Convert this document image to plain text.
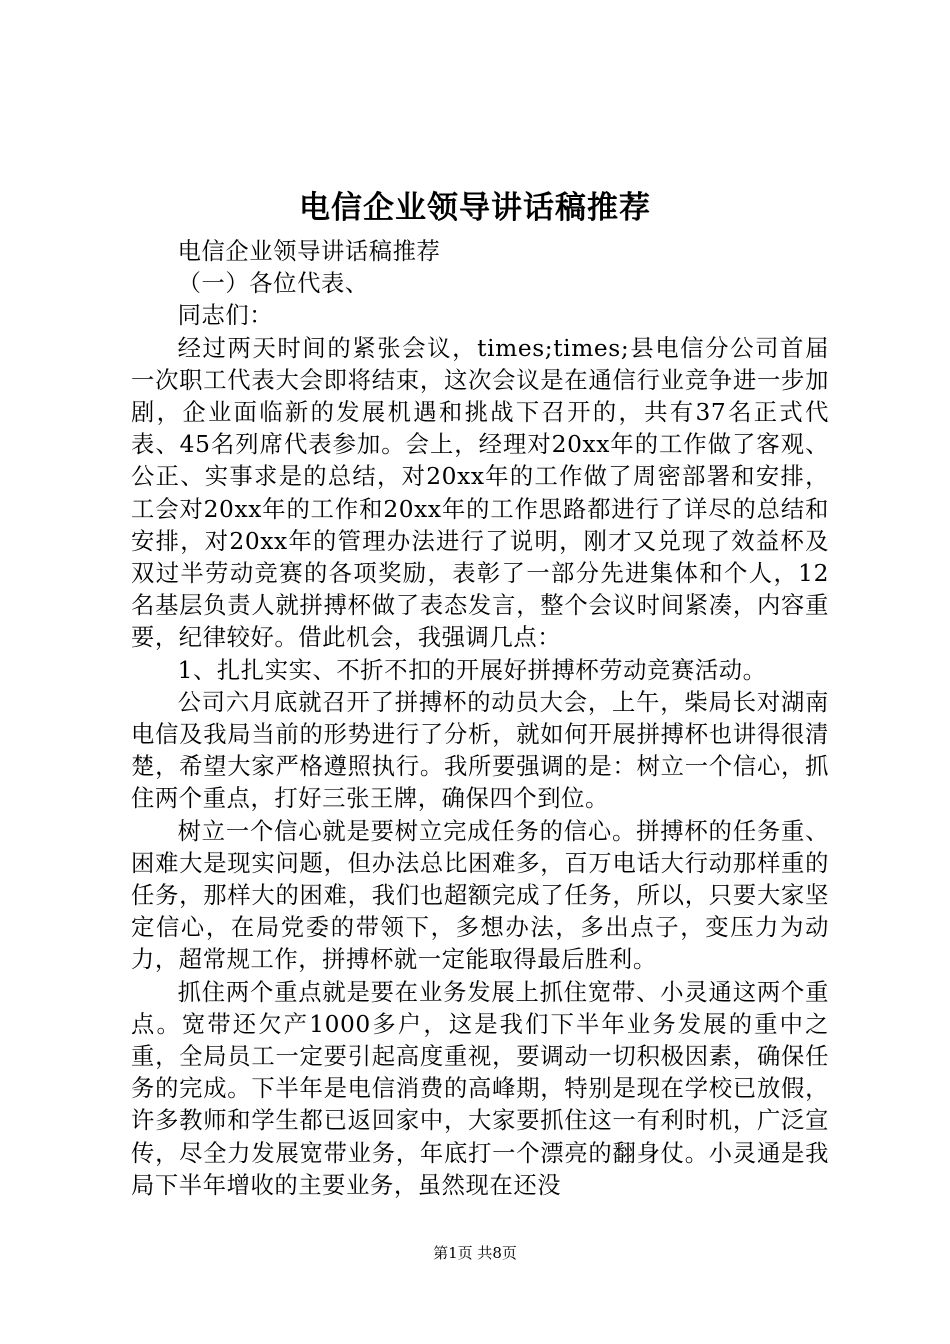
电信企业领导讲话稿推荐

电信企业领导讲话稿推荐

（一）各位代表、

同志们：

经过两天时间的紧张会议，times;times;县电信分公司首届一次职工代表大会即将结束，这次会议是在通信行业竞争进一步加剧，企业面临新的发展机遇和挑战下召开的，共有37名正式代表、45名列席代表参加。会上，经理对20xx年的工作做了客观、公正、实事求是的总结，对20xx年的工作做了周密部署和安排，工会对20xx年的工作和20xx年的工作思路都进行了详尽的总结和安排，对20xx年的管理办法进行了说明，刚才又兑现了效益杯及双过半劳动竞赛的各项奖励，表彰了一部分先进集体和个人，12名基层负责人就拼搏杯做了表态发言，整个会议时间紧凑，内容重要，纪律较好。借此机会，我强调几点：

1、扎扎实实、不折不扣的开展好拼搏杯劳动竞赛活动。

公司六月底就召开了拼搏杯的动员大会，上午，柴局长对湖南电信及我局当前的形势进行了分析，就如何开展拼搏杯也讲得很清楚，希望大家严格遵照执行。我所要强调的是：树立一个信心，抓住两个重点，打好三张王牌，确保四个到位。

树立一个信心就是要树立完成任务的信心。拼搏杯的任务重、困难大是现实问题，但办法总比困难多，百万电话大行动那样重的任务，那样大的困难，我们也超额完成了任务，所以，只要大家坚定信心，在局党委的带领下，多想办法，多出点子，变压力为动力，超常规工作，拼搏杯就一定能取得最后胜利。

抓住两个重点就是要在业务发展上抓住宽带、小灵通这两个重点。宽带还欠产1000多户，这是我们下半年业务发展的重中之重，全局员工一定要引起高度重视，要调动一切积极因素，确保任务的完成。下半年是电信消费的高峰期，特别是现在学校已放假，许多教师和学生都已返回家中，大家要抓住这一有利时机，广泛宣传，尽全力发展宽带业务，年底打一个漂亮的翻身仗。小灵通是我局下半年增收的主要业务，虽然现在还没

第1页 共8页
